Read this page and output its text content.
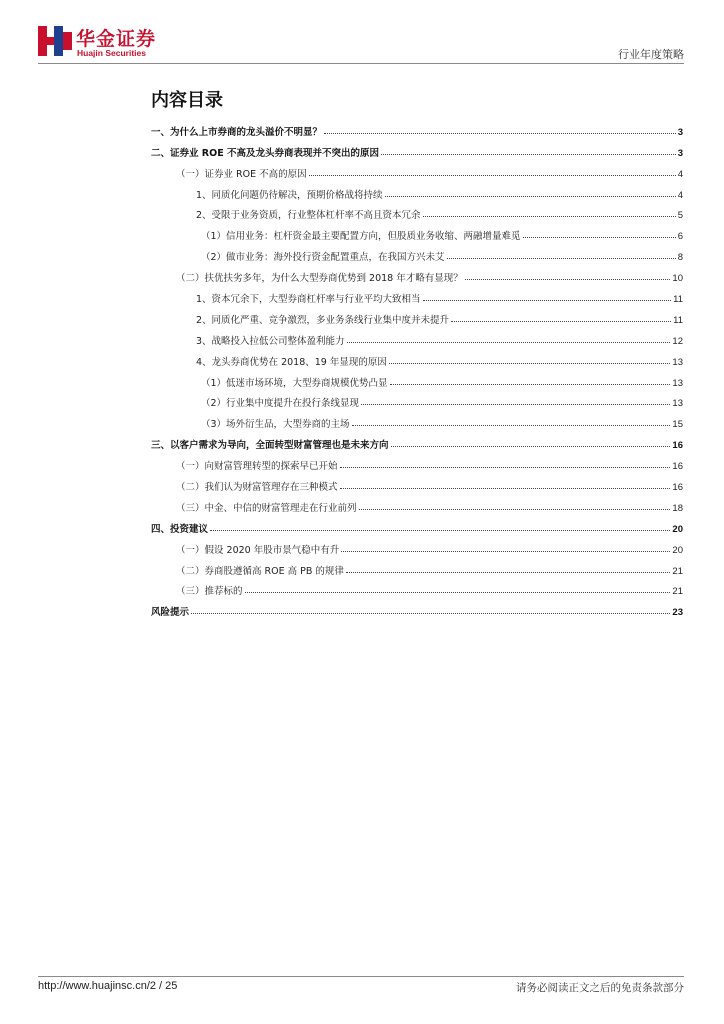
华金证券
Huajin Securities	行业年度策略
内容目录
一、为什么上市券商的龙头溢价不明显？	3
二、证券业 ROE 不高及龙头券商表现并不突出的原因	3
（一）证券业 ROE 不高的原因	4
1、同质化问题仍待解决，预期价格战将持续	4
2、受限于业务资质，行业整体杠杆率不高且资本冗余	5
（1）信用业务：杠杆资金最主要配置方向，但股质业务收缩、两融增量难觅	6
（2）做市业务：海外投行资金配置重点，在我国方兴未艾	8
（二）扶优扶劣多年，为什么大型券商优势到 2018 年才略有显现？	10
1、资本冗余下，大型券商杠杆率与行业平均大致相当	11
2、同质化严重、竞争激烈，多业务条线行业集中度并未提升	11
3、战略投入拉低公司整体盈利能力	12
4、龙头券商优势在 2018、19 年显现的原因	13
（1）低迷市场环境，大型券商规模优势凸显	13
（2）行业集中度提升在投行条线显现	13
（3）场外衍生品，大型券商的主场	15
三、以客户需求为导向，全面转型财富管理也是未来方向	16
（一）向财富管理转型的探索早已开始	16
（二）我们认为财富管理存在三种模式	16
（三）中金、中信的财富管理走在行业前列	18
四、投资建议	20
（一）假设 2020 年股市景气稳中有升	20
（二）券商股遵循高 ROE 高 PB 的规律	21
（三）推荐标的	21
风险提示	23
http://www.huajinsc.cn/2 / 25	请务必阅读正文之后的免责条款部分
